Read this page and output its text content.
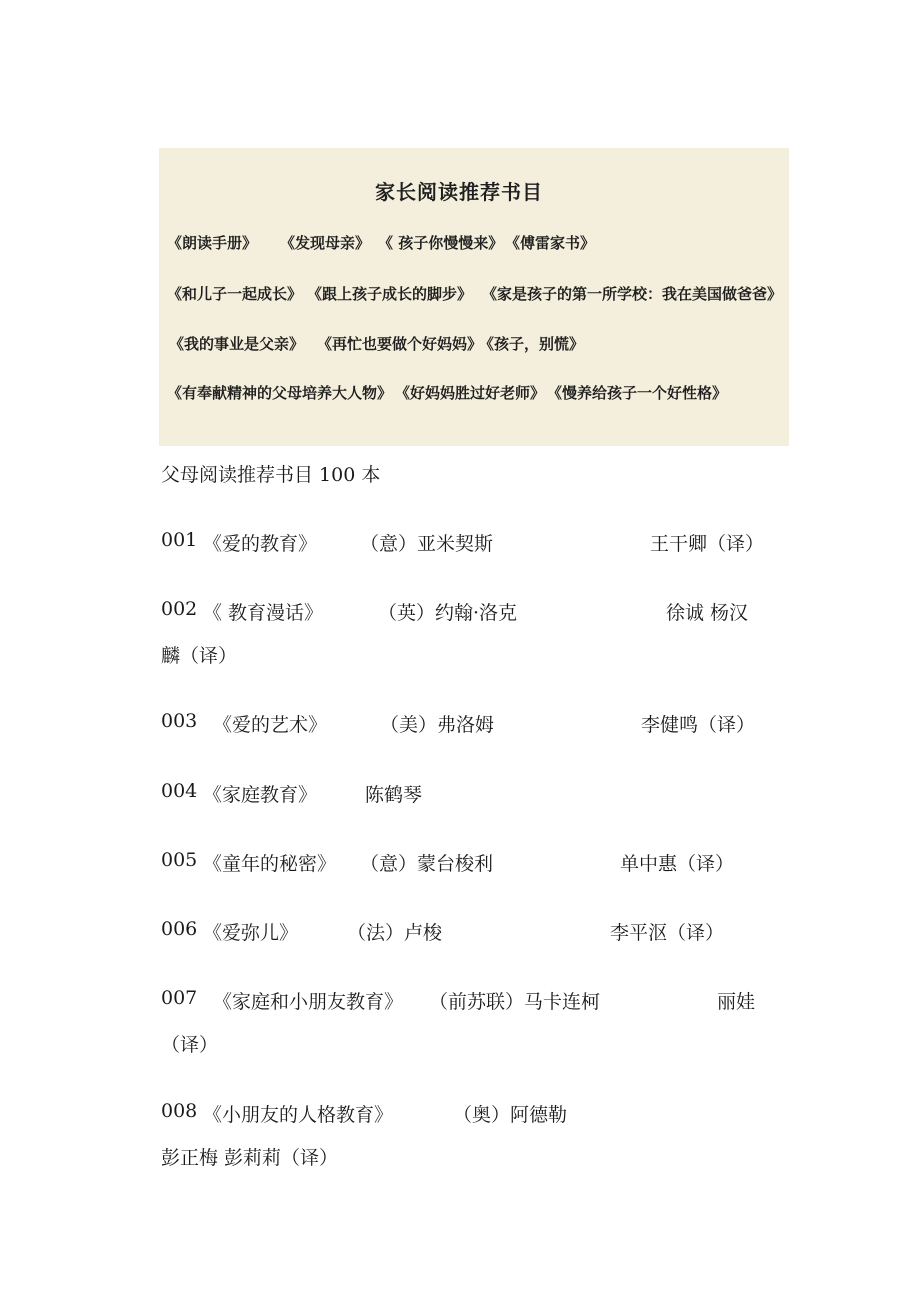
家长阅读推荐书目
《朗读手册》 《发现母亲》 《 孩子你慢慢来》 《傅雷家书》
《和儿子一起成长》 《跟上孩子成长的脚步》 《家是孩子的第一所学校：我在美国做爸爸》
《我的事业是父亲》 《再忙也要做个好妈妈》《孩子，别慌》
《有奉献精神的父母培养大人物》 《好妈妈胜过好老师》 《慢养给孩子一个好性格》
父母阅读推荐书目 100 本
001 《爱的教育》 （意）亚米契斯	王干卿（译）
002 《 教育漫话》	（英）约翰·洛克	徐诚 杨汉
麟（译）
003 《爱的艺术》	（美）弗洛姆	李健鸣（译）
004 《家庭教育》	陈鹤琴
005 《童年的秘密》 （意）蒙台梭利	单中惠（译）
006 《爱弥儿》	（法）卢梭	李平沤（译）
007 《家庭和小朋友教育》 （前苏联）马卡连柯	丽娃
（译）
008 《小朋友的人格教育》	（奥）阿德勒
彭正梅 彭莉莉（译）
